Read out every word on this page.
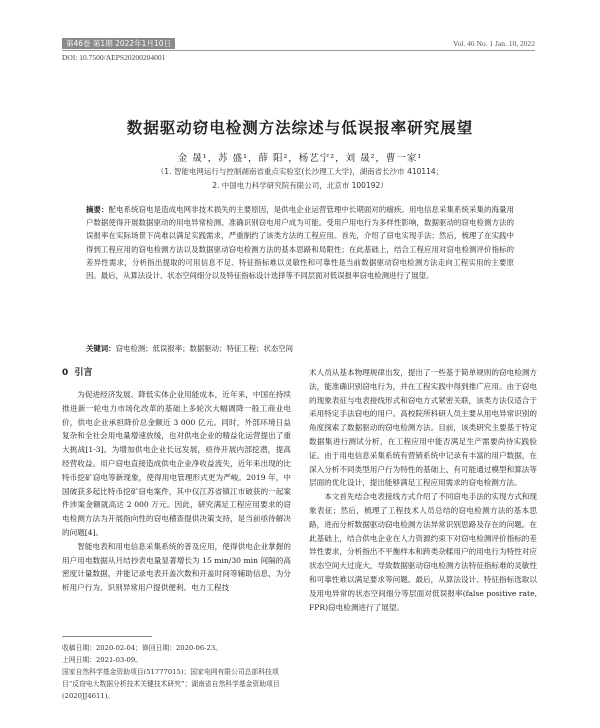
第46卷 第1期 2022年1月10日	Vol. 46 No. 1 Jan. 10, 2022
DOI: 10.7500/AEPS20200204001
数据驱动窃电检测方法综述与低误报率研究展望
金 晟¹，苏 盛¹，薛 阳²，杨艺宁²，刘 晟²，曹一家¹
（1. 智能电网运行与控制湖南省重点实验室(长沙理工大学)，湖南省长沙市 410114；
2. 中国电力科学研究院有限公司，北京市 100192）
摘要：配电系统窃电是造成电网非技术损失的主要原因，是供电企业运营管理中长期面对的痼疾。用电信息采集系统采集的海量用户数据使得开展数据驱动的用电异常检测、准确识别窃电用户成为可能。受用户用电行为多样性影响，数据驱动的窃电检测方法的误报率在实际场景下尚难以满足实践需求，严重制约了该类方法的工程应用。首先，介绍了窃电实现手法；然后，梳理了在实践中得到工程应用的窃电检测方法以及数据驱动窃电检测方法的基本思路和局限性；在此基础上，结合工程应用对窃电检测评价指标的差异性需求，分析指出提取的可用信息不足、特征指标难以灵敏性和可靠性是当前数据驱动窃电检测方法走向工程实用的主要原因。最后，从算法设计、状态空间细分以及特征指标设计选择等不同层面对低误报率窃电检测进行了展望。
关键词：窃电检测；低误报率；数据驱动；特征工程；状态空间
0 引言

为促进经济发展、降低实体企业用能成本，近年来，中国在持续推进新一轮电力市场化改革的基础上多轮次大幅调降一般工商业电价，供电企业承担降价总金额近 3 000 亿元。同时，外部环境日益复杂和全社会用电量增速放缓，也对供电企业的精益化运营提出了重大挑战[1-3]。为增加供电企业长远发展，亟待开展内部挖潜，提高经营收益。用户窃电直接造成供电企业净收益流失，近年来出现的比特币挖矿窃电等新现象，使得用电管理形式更为严峻。2019 年，中国破获多起比特币挖矿窃电案件，其中仅江苏省镇江市破获的一起案件涉案金额就高达 2 000 万元。因此，研究满足工程应用要求的窃电检测方法为开展指向性的窃电稽查提供决策支持，是当前亟待解决的问题[4]。

智能电表和用电信息采集系统的普及应用，使得供电企业掌握的用户用电数据从月结抄表电量显著增长为 15 min/30 min 间隔的高密度计量数据，并能记录电表开盖次数和开盖时间等辅助信息，为分析用户行为、识别异常用户提供便利。电力工程技

术人员从基本物理规律出发，提出了一些基于简单规则的窃电检测方法，能准确识别窃电行为，并在工程实践中得到推广应用。由于窃电的现象表征与电表接线形式和窃电方式紧密关联，该类方法仅适合于采用特定手法窃电的用户。高校院所科研人员主要从用电异常识别的角度探索了数据驱动的窃电检测方法。目前，该类研究主要基于特定数据集进行测试分析，在工程应用中能否满足生产需要尚待实践验证。由于用电信息采集系统有营销系统中记录有丰富的用户数据，在深入分析不同类型用户行为特性的基础上，有可能通过模型和算法等层面的优化设计，提出能够满足工程应用需求的窃电检测方法。

本文首先结合电表接线方式介绍了不同窃电手法的实现方式和现象表征；然后，梳理了工程技术人员总结的窃电检测方法的基本思路，进而分析数据驱动窃电检测方法异常识别思路及存在的问题。在此基础上，结合供电企业在人力资源约束下对窃电检测评价指标的差异性要求，分析指出不平衡样本和跨类杂糅用户的用电行为特性对应状态空间大过庞大，导致数据驱动窃电检测方法特征指标难的灵敏性和可靠性难以满足要求等问题。最后，从算法设计、特征指标选取以及用电异常的状态空间细分等层面对低误报率(false positive rate, FPR)窃电检测进行了展望。

收稿日期：2020-02-04；修回日期：2020-06-23。
上网日期：2021-03-09。
国家自然科学基金资助项目(51777015)；国家电网有限公司总部科技项目“反窃电大数据分析技术关键技术研究”；湖南省自然科学基金资助项目(2020JJ4611)。
